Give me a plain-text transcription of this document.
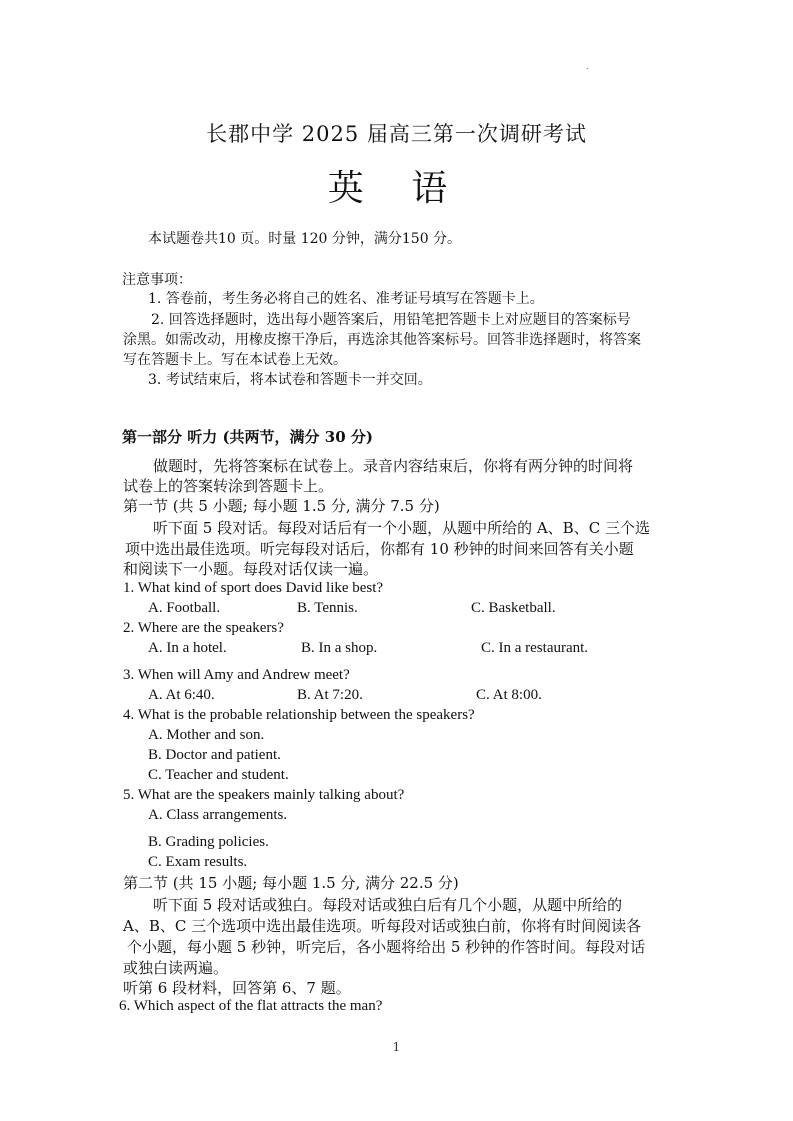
.
长郡中学 2025 届高三第一次调研考试
英 语
本试题卷共10 页。时量 120 分钟，满分150 分。
注意事项：
1. 答卷前，考生务必将自己的姓名、准考证号填写在答题卡上。
2. 回答选择题时，选出每小题答案后，用铅笔把答题卡上对应题目的答案标号
涂黑。如需改动，用橡皮擦干净后，再选涂其他答案标号。回答非选择题时，将答案
写在答题卡上。写在本试卷上无效。
3. 考试结束后，将本试卷和答题卡一并交回。
第一部分 听力 (共两节，满分 30 分)
做题时，先将答案标在试卷上。录音内容结束后，你将有两分钟的时间将
试卷上的答案转涂到答题卡上。
第一节 (共 5 小题; 每小题 1.5 分, 满分 7.5 分)
听下面 5 段对话。每段对话后有一个小题，从题中所给的 A、B、C 三个选
项中选出最佳选项。听完每段对话后，你都有 10 秒钟的时间来回答有关小题
和阅读下一小题。每段对话仅读一遍。
1. What kind of sport does David like best?
A. Football.	B. Tennis.	C. Basketball.
2. Where are the speakers?
A. In a hotel.	B. In a shop.	C. In a restaurant.
3. When will Amy and Andrew meet?
A. At 6:40.	B. At 7:20.	C. At 8:00.
4. What is the probable relationship between the speakers?
A. Mother and son.
B. Doctor and patient.
C. Teacher and student.
5. What are the speakers mainly talking about?
A. Class arrangements.
B. Grading policies.
C. Exam results.
第二节 (共 15 小题; 每小题 1.5 分, 满分 22.5 分)
听下面 5 段对话或独白。每段对话或独白后有几个小题，从题中所给的
A、B、C 三个选项中选出最佳选项。听每段对话或独白前，你将有时间阅读各
个小题，每小题 5 秒钟，听完后，各小题将给出 5 秒钟的作答时间。每段对话
或独白读两遍。
听第 6 段材料，回答第 6、7 题。
6. Which aspect of the flat attracts the man?
1
